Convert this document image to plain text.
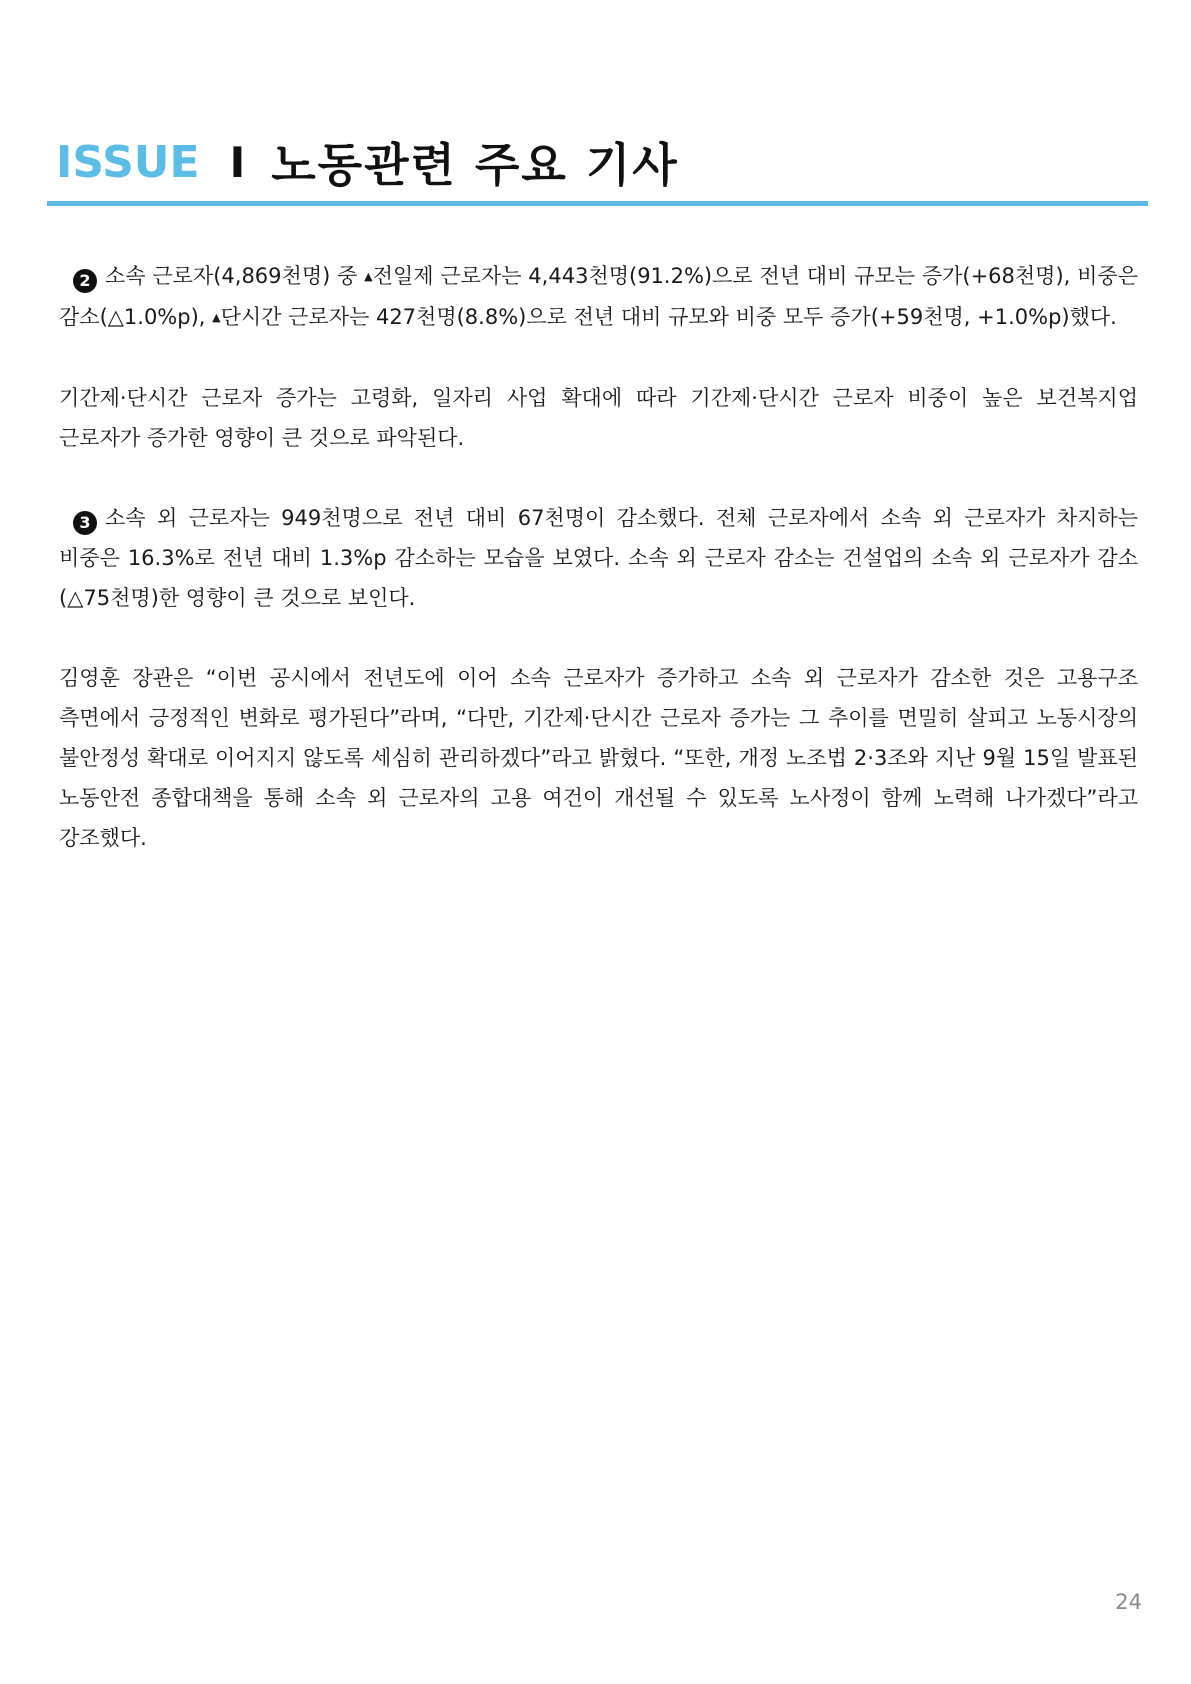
ISSUE I 노동관련 주요 기사

2 소속 근로자(4,869천명) 중 ▲전일제 근로자는 4,443천명(91.2%)으로 전년 대비 규모는 증가(+68천명), 비중은 감소(△1.0%p), ▲단시간 근로자는 427천명(8.8%)으로 전년 대비 규모와 비중 모두 증가(+59천명, +1.0%p)했다.

기간제·단시간 근로자 증가는 고령화, 일자리 사업 확대에 따라 기간제·단시간 근로자 비중이 높은 보건복지업 근로자가 증가한 영향이 큰 것으로 파악된다.

3 소속 외 근로자는 949천명으로 전년 대비 67천명이 감소했다. 전체 근로자에서 소속 외 근로자가 차지하는 비중은 16.3%로 전년 대비 1.3%p 감소하는 모습을 보였다. 소속 외 근로자 감소는 건설업의 소속 외 근로자가 감소(△75천명)한 영향이 큰 것으로 보인다.

김영훈 장관은 “이번 공시에서 전년도에 이어 소속 근로자가 증가하고 소속 외 근로자가 감소한 것은 고용구조 측면에서 긍정적인 변화로 평가된다”라며, “다만, 기간제·단시간 근로자 증가는 그 추이를 면밀히 살피고 노동시장의 불안정성 확대로 이어지지 않도록 세심히 관리하겠다”라고 밝혔다. “또한, 개정 노조법 2·3조와 지난 9월 15일 발표된 노동안전 종합대책을 통해 소속 외 근로자의 고용 여건이 개선될 수 있도록 노사정이 함께 노력해 나가겠다”라고 강조했다.

24
